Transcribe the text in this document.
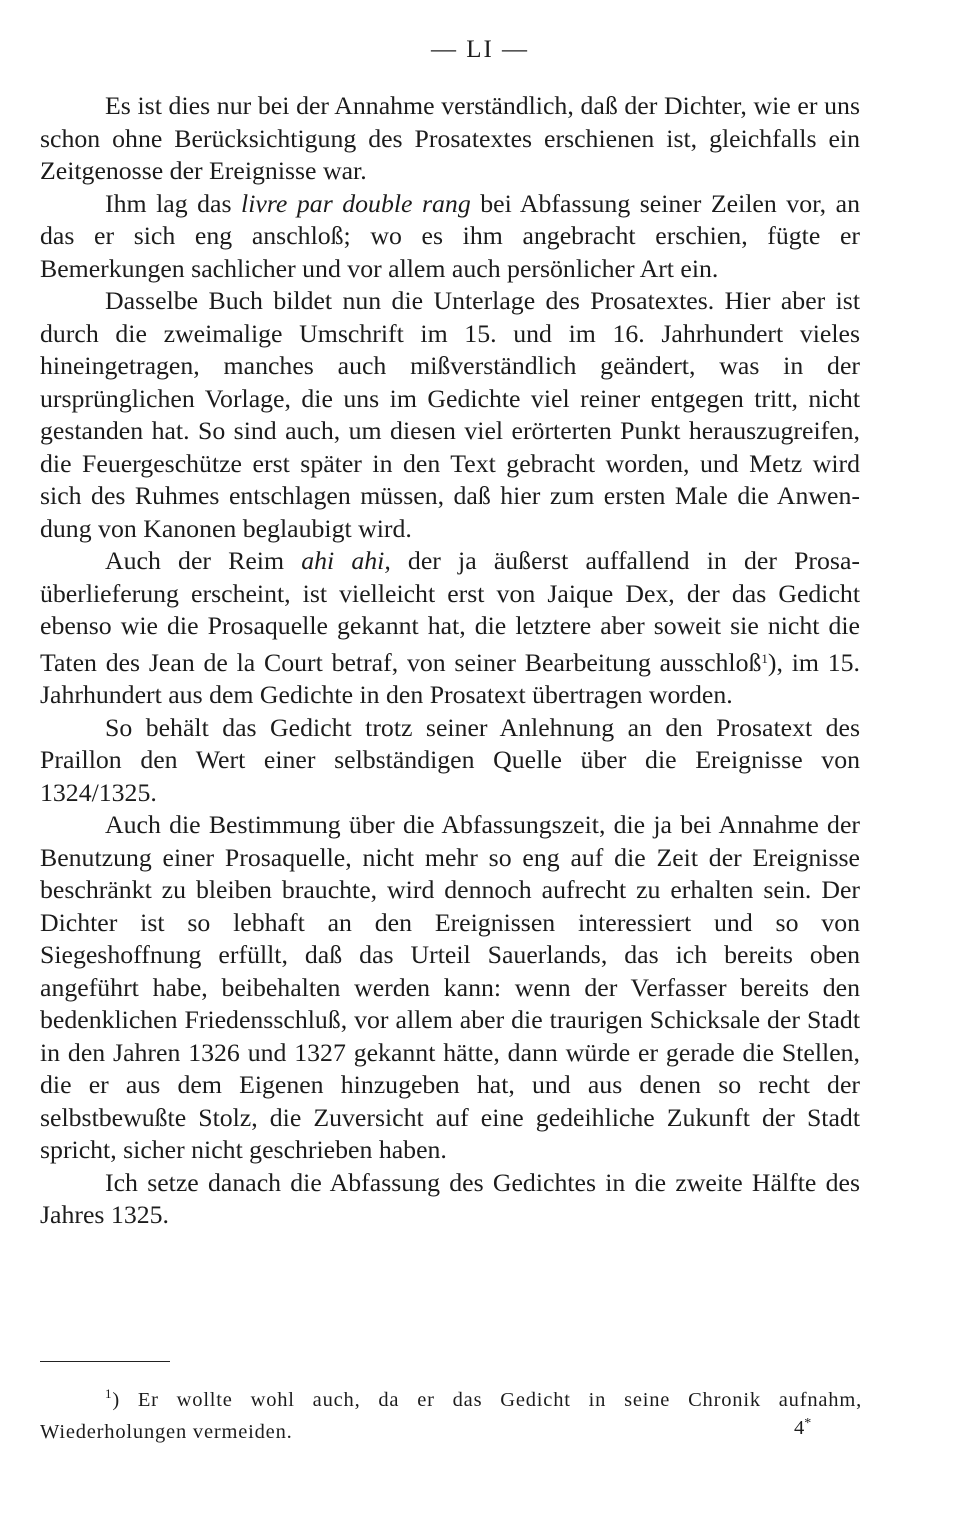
— LI —

Es ist dies nur bei der Annahme verständlich, daß der Dichter, wie er uns schon ohne Berücksichtigung des Prosatextes erschienen ist, gleichfalls ein Zeitgenosse der Ereignisse war.

Ihm lag das livre par double rang bei Abfassung seiner Zeilen vor, an das er sich eng anschloß; wo es ihm angebracht erschien, fügte er Bemerkungen sachlicher und vor allem auch persönlicher Art ein.

Dasselbe Buch bildet nun die Unterlage des Prosatextes. Hier aber ist durch die zweimalige Umschrift im 15. und im 16. Jahrhundert vieles hineingetragen, manches auch mißverständlich geändert, was in der ursprünglichen Vorlage, die uns im Gedichte viel reiner entgegen tritt, nicht gestanden hat. So sind auch, um diesen viel erörterten Punkt herauszugreifen, die Feuergeschütze erst später in den Text gebracht worden, und Metz wird sich des Ruhmes entschlagen müssen, daß hier zum ersten Male die Anwendung von Kanonen beglaubigt wird.

Auch der Reim ahi ahi, der ja äußerst auffallend in der Prosaüberlieferung erscheint, ist vielleicht erst von Jaique Dex, der das Gedicht ebenso wie die Prosaquelle gekannt hat, die letztere aber soweit sie nicht die Taten des Jean de la Court betraf, von seiner Bearbeitung ausschloß$^1$), im 15. Jahrhundert aus dem Gedichte in den Prosatext übertragen worden.

So behält das Gedicht trotz seiner Anlehnung an den Prosatext des Praillon den Wert einer selbständigen Quelle über die Ereignisse von 1324/1325.

Auch die Bestimmung über die Abfassungszeit, die ja bei Annahme der Benutzung einer Prosaquelle, nicht mehr so eng auf die Zeit der Ereignisse beschränkt zu bleiben brauchte, wird dennoch aufrecht zu erhalten sein. Der Dichter ist so lebhaft an den Ereignissen interessiert und so von Siegeshoffnung erfüllt, daß das Urteil Sauerlands, das ich bereits oben angeführt habe, beibehalten werden kann: wenn der Verfasser bereits den bedenklichen Friedensschluß, vor allem aber die traurigen Schicksale der Stadt in den Jahren 1326 und 1327 gekannt hätte, dann würde er gerade die Stellen, die er aus dem Eigenen hinzugeben hat, und aus denen so recht der selbstbewußte Stolz, die Zuversicht auf eine gedeihliche Zukunft der Stadt spricht, sicher nicht geschrieben haben.

Ich setze danach die Abfassung des Gedichtes in die zweite Hälfte des Jahres 1325.

$^1$) Er wollte wohl auch, da er das Gedicht in seine Chronik aufnahm, Wiederholungen vermeiden.	4*
